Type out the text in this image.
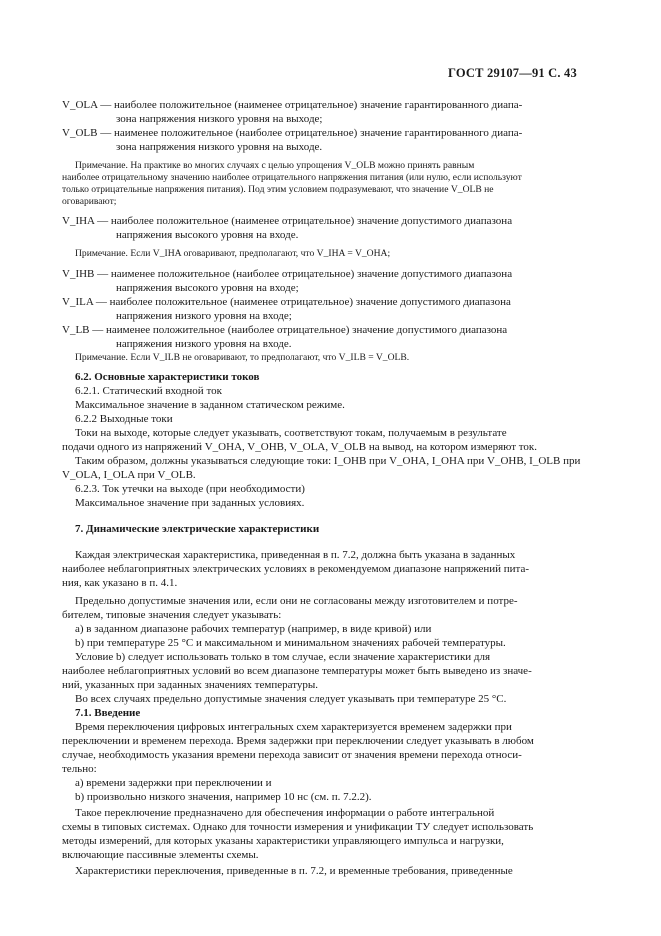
ГОСТ 29107—91 С. 43
V_OLA — наиболее положительное (наименее отрицательное) значение гарантированного диапа-
зона напряжения низкого уровня на выходе;
V_OLB — наименее положительное (наиболее отрицательное) значение гарантированного диапа-
зона напряжения низкого уровня на выходе.
Примечание. На практике во многих случаях с целью упрощения V_OLB можно принять равным
наиболее отрицательному значению наиболее отрицательного напряжения питания (или нулю, если используют
только отрицательные напряжения питания). Под этим условием подразумевают, что значение V_OLB не
оговаривают;
V_IHA — наиболее положительное (наименее отрицательное) значение допустимого диапазона
напряжения высокого уровня на входе.
Примечание. Если V_IHA оговаривают, предполагают, что V_IHA = V_OHA;
V_IHB — наименее положительное (наиболее отрицательное) значение допустимого диапазона
напряжения высокого уровня на входе;
V_ILA — наиболее положительное (наименее отрицательное) значение допустимого диапазона
напряжения низкого уровня на входе;
V_LB — наименее положительное (наиболее отрицательное) значение допустимого диапазона
напряжения низкого уровня на входе.
Примечание. Если V_ILB не оговаривают, то предполагают, что V_ILB = V_OLB.
6.2. Основные характеристики токов
6.2.1. Статический входной ток
Максимальное значение в заданном статическом режиме.
6.2.2 Выходные токи
Токи на выходе, которые следует указывать, соответствуют токам, получаемым в результате
подачи одного из напряжений V_OHA, V_OHB, V_OLA, V_OLB на вывод, на котором измеряют ток.
Таким образом, должны указываться следующие токи: I_OHB при V_OHA, I_OHA при V_OHB, I_OLB при
V_OLA, I_OLA при V_OLB.
6.2.3. Ток утечки на выходе (при необходимости)
Максимальное значение при заданных условиях.
7. Динамические электрические характеристики
Каждая электрическая характеристика, приведенная в п. 7.2, должна быть указана в заданных
наиболее неблагоприятных электрических условиях в рекомендуемом диапазоне напряжений пита-
ния, как указано в п. 4.1.
Предельно допустимые значения или, если они не согласованы между изготовителем и потре-
бителем, типовые значения следует указывать:
а) в заданном диапазоне рабочих температур (например, в виде кривой) или
b) при температуре 25 °С и максимальном и минимальном значениях рабочей температуры.
Условие b) следует использовать только в том случае, если значение характеристики для
наиболее неблагоприятных условий во всем диапазоне температуры может быть выведено из значе-
ний, указанных при заданных значениях температуры.
Во всех случаях предельно допустимые значения следует указывать при температуре 25 °С.
7.1. Введение
Время переключения цифровых интегральных схем характеризуется временем задержки при
переключении и временем перехода. Время задержки при переключении следует указывать в любом
случае, необходимость указания времени перехода зависит от значения времени перехода относи-
тельно:
а) времени задержки при переключении и
b) произвольно низкого значения, например 10 нс (см. п. 7.2.2).
Такое переключение предназначено для обеспечения информации о работе интегральной
схемы в типовых системах. Однако для точности измерения и унификации ТУ следует использовать
методы измерений, для которых указаны характеристики управляющего импульса и нагрузки,
включающие пассивные элементы схемы.
Характеристики переключения, приведенные в п. 7.2, и временные требования, приведенные
